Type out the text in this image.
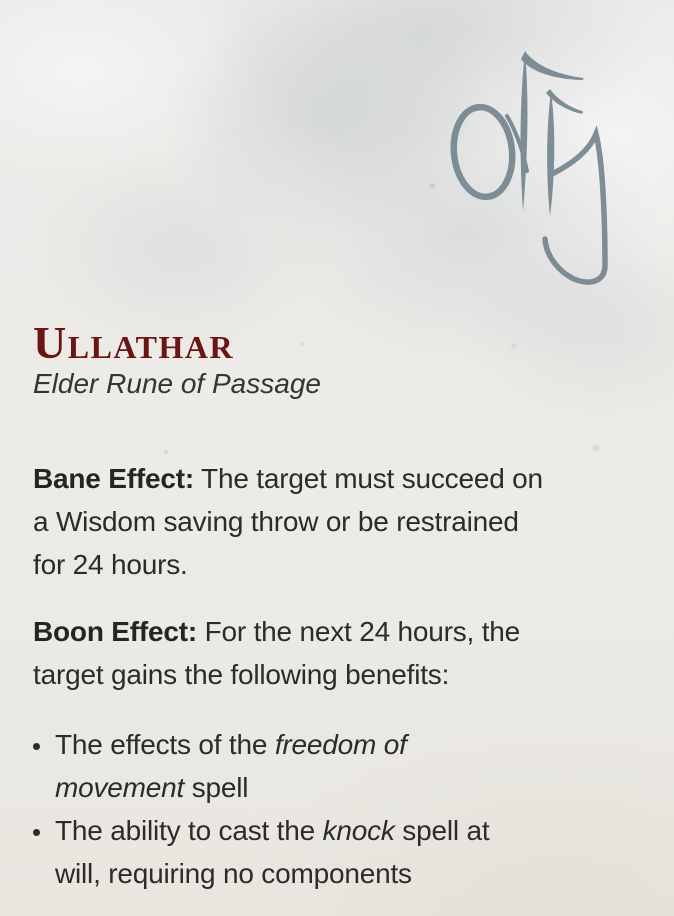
Ullathar
Elder Rune of Passage

Bane Effect: The target must succeed on
a Wisdom saving throw or be restrained
for 24 hours.

Boon Effect: For the next 24 hours, the
target gains the following benefits:

The effects of the freedom of
movement spell
The ability to cast the knock spell at
will, requiring no components
